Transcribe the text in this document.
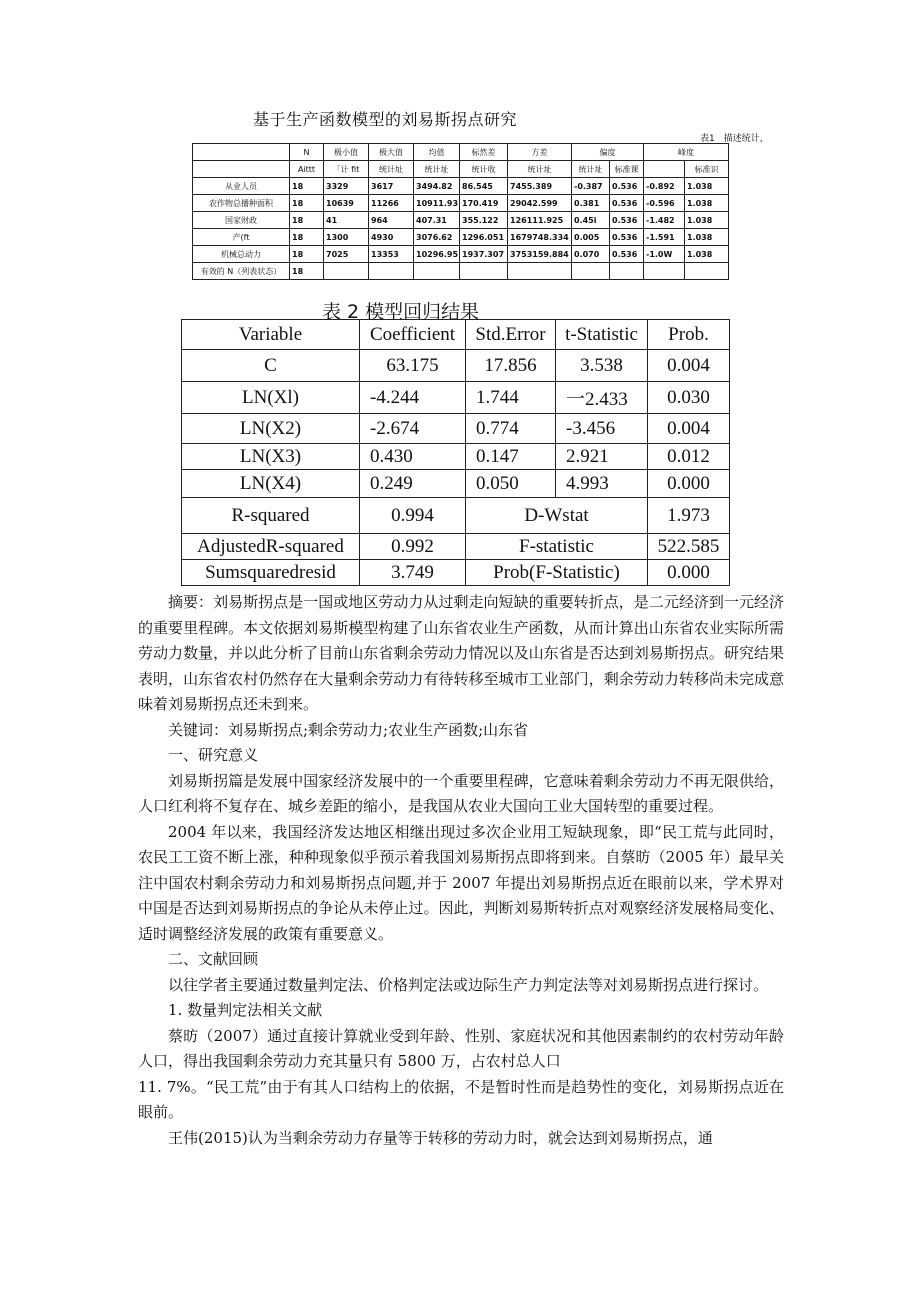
基于生产函数模型的刘易斯拐点研究
表1　描述统计，
	N	极小值	极大值	均值	标然差	方差	偏度		峰度	
	Aittt	「计 fit	统计址	统计址	统计收	统计址	统计址	标准课		标准识
从业人员	18	3329	3617	3494.82	86.545	7455.389	-0.387	0.536	-0.892	1.038
农作物总播种面积	18	10639	11266	10911.93	170.419	29042.599	0.381	0.536	-0.596	1.038
国家财政	18	41	964	407.31	355.122	126111.925	0.45i	0.536	-1.482	1.038
产(ft	18	1300	4930	3076.62	1296.051	1679748.334	0.005	0.536	-1.591	1.038
机械总动力	18	7025	13353	10296.95	1937.307	3753159.884	0.070	0.536	-1.0W	1.038
有效的 N（列表状态）	18									
表 2 模型回归结果
Variable	Coefficient	Std.Error	t-Statistic	Prob.
C	63.175	17.856	3.538	0.004
LN(Xl)	-4.244	1.744	一2.433	0.030
LN(X2)	-2.674	0.774	-3.456	0.004
LN(X3)	0.430	0.147	2.921	0.012
LN(X4)	0.249	0.050	4.993	0.000
R-squared	0.994	D-Wstat		1.973
AdjustedR-squared	0.992	F-statistic		522.585
Sumsquaredresid	3.749	Prob(F-Statistic)		0.000

摘要：刘易斯拐点是一国或地区劳动力从过剩走向短缺的重要转折点，是二元经济到一元经济的重要里程碑。本文依据刘易斯模型构建了山东省农业生产函数，从而计算出山东省农业实际所需劳动力数量，并以此分析了目前山东省剩余劳动力情况以及山东省是否达到刘易斯拐点。研究结果表明，山东省农村仍然存在大量剩余劳动力有待转移至城市工业部门，剩余劳动力转移尚未完成意味着刘易斯拐点还未到来。

关键词：刘易斯拐点;剩余劳动力;农业生产函数;山东省

一、研究意义

刘易斯拐篇是发展中国家经济发展中的一个重要里程碑，它意味着剩余劳动力不再无限供给，人口红利将不复存在、城乡差距的缩小，是我国从农业大国向工业大国转型的重要过程。

2004 年以来，我国经济发达地区相继出现过多次企业用工短缺现象，即“民工荒与此同时，农民工工资不断上涨，种种现象似乎预示着我国刘易斯拐点即将到来。自蔡昉（2005 年）最早关注中国农村剩余劳动力和刘易斯拐点问题,并于 2007 年提出刘易斯拐点近在眼前以来，学术界对中国是否达到刘易斯拐点的争论从未停止过。因此，判断刘易斯转折点对观察经济发展格局变化、适时调整经济发展的政策有重要意义。

二、文献回顾

以往学者主要通过数量判定法、价格判定法或边际生产力判定法等对刘易斯拐点进行探讨。

1. 数量判定法相关文献

蔡昉（2007）通过直接计算就业受到年龄、性别、家庭状况和其他因素制约的农村劳动年龄人口，得出我国剩余劳动力充其量只有 5800 万，占农村总人口

11. 7%。“民工荒”由于有其人口结构上的依据，不是暂时性而是趋势性的变化，刘易斯拐点近在眼前。

王伟(2015)认为当剩余劳动力存量等于转移的劳动力时，就会达到刘易斯拐点，通
